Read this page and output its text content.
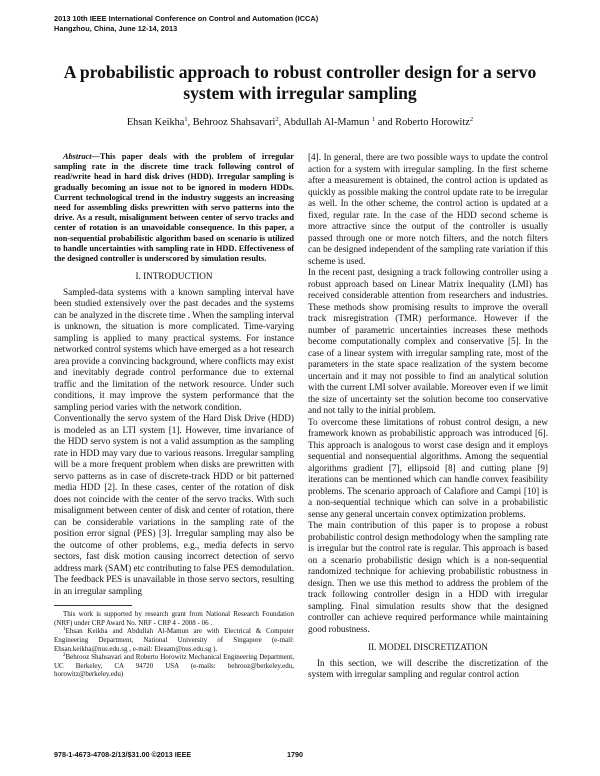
2013 10th IEEE International Conference on Control and Automation (ICCA)
Hangzhou, China, June 12-14, 2013
A probabilistic approach to robust controller design for a servo system with irregular sampling
Ehsan Keikha$^1$, Behrooz Shahsavari$^2$, Abdullah Al-Mamun $^1$ and Roberto Horowitz$^2$

Abstract—This paper deals with the problem of irregular sampling rate in the discrete time track following control of read/write head in hard disk drives (HDD). Irregular sampling is gradually becoming an issue not to be ignored in modern HDDs. Current technological trend in the industry suggests an increasing need for assembling disks prewritten with servo patterns into the drive. As a result, misalignment between center of servo tracks and center of rotation is an unavoidable consequence. In this paper, a non-sequential probabilistic algorithm based on scenario is utilized to handle uncertainties with sampling rate in HDD. Effectiveness of the designed controller is underscored by simulation results.

I. INTRODUCTION

Sampled-data systems with a known sampling interval have been studied extensively over the past decades and the systems can be analyzed in the discrete time . When the sampling interval is unknown, the situation is more complicated. Time-varying sampling is applied to many practical systems. For instance networked control systems which have emerged as a hot research area provide a convincing background, where conflicts may exist and inevitably degrade control performance due to external traffic and the limitation of the network resource. Under such conditions, it may improve the system performance that the sampling period varies with the network condition.

Conventionally the servo system of the Hard Disk Drive (HDD) is modeled as an LTI system [1]. However, time invariance of the HDD servo system is not a valid assumption as the sampling rate in HDD may vary due to various reasons. Irregular sampling will be a more frequent problem when disks are prewritten with servo patterns as in case of discrete-track HDD or bit patterned media HDD [2]. In these cases, center of the rotation of disk does not coincide with the center of the servo tracks. With such misalignment between center of disk and center of rotation, there can be considerable variations in the sampling rate of the position error signal (PES) [3]. Irregular sampling may also be the outcome of other problems, e.g., media defects in servo sectors, fast disk motion causing incorrect detection of servo address mark (SAM) etc contributing to false PES demodulation. The feedback PES is unavailable in those servo sectors, resulting in an irregular sampling

This work is supported by research grant from National Research Foundation (NRF) under CRP Award No. NRF - CRP 4 - 2008 - 06 .

$^1$Ehsan Keikha and Abdullah Al-Mamun are with Electrical & Computer Engineering Department, National University of Singapore (e-mail: Ehsan.keikha@nus.edu.sg , e-mail: Eleaam@nus.edu.sg ).

$^2$Behrooz Shahsavari and Roberto Horowitz Mechanical Engineering Department, UC Berkeley, CA 94720 USA (e-mails: behrooz@berkeley.edu, horowitz@berkeley.edu)

[4]. In general, there are two possible ways to update the control action for a system with irregular sampling. In the first scheme after a measurement is obtained, the control action is updated as quickly as possible making the control update rate to be irregular as well. In the other scheme, the control action is updated at a fixed, regular rate. In the case of the HDD second scheme is more attractive since the output of the controller is usually passed through one or more notch filters, and the notch filters can be designed independent of the sampling rate variation if this scheme is used.

In the recent past, designing a track following controller using a robust approach based on Linear Matrix Inequality (LMI) has received considerable attention from researchers and industries. These methods show promising results to improve the overall track misregistration (TMR) performance. However if the number of parametric uncertainties increases these methods become computationally complex and conservative [5]. In the case of a linear system with irregular sampling rate, most of the parameters in the state space realization of the system become uncertain and it may not possible to find an analytical solution with the current LMI solver available. Moreover even if we limit the size of uncertainty set the solution become too conservative and not tally to the initial problem.

To overcome these limitations of robust control design, a new framework known as probabilistic approach was introduced [6]. This approach is analogous to worst case design and it employs sequential and nonsequential algorithms. Among the sequential algorithms gradient [7], ellipsoid [8] and cutting plane [9] iterations can be mentioned which can handle convex feasibility problems. The scenario approach of Calafiore and Campi [10] is a non-sequential technique which can solve in a probabilistic sense any general uncertain convex optimization problems.

The main contribution of this paper is to propose a robust probabilistic control design methodology when the sampling rate is irregular but the control rate is regular. This approach is based on a scenario probabilistic design which is a non-sequential randomized technique for achieving probabilistic robustness in design. Then we use this method to address the problem of the track following controller design in a HDD with irregular sampling. Final simulation results show that the designed controller can achieve required performance while maintaining good robustness.

II. MODEL DISCRETIZATION

In this section, we will describe the discretization of the system with irregular sampling and regular control action

978-1-4673-4708-2/13/$31.00 ©2013 IEEE	1790
